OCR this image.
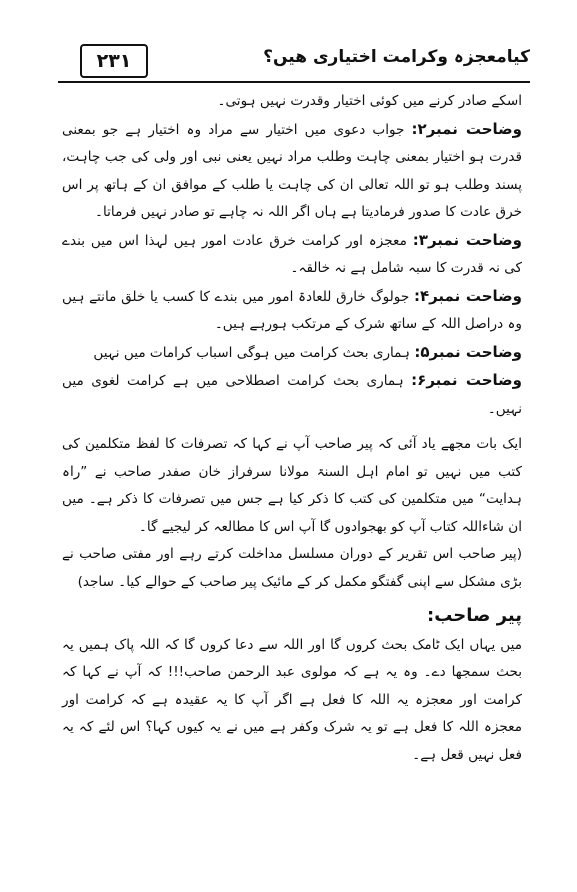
۲۳۱	کیامعجزہ وکرامت اختیاری ھیں؟

اسکے صادر کرنے میں کوئی اختیار وقدرت نہیں ہوتی۔

وضاحت نمبر۲: جواب دعوی میں اختیار سے مراد وہ اختیار ہے جو بمعنی قدرت ہو اختیار بمعنی چاہت وطلب مراد نہیں یعنی نبی اور ولی کی جب چاہت، پسند وطلب ہو تو اللہ تعالی ان کی چاہت یا طلب کے موافق ان کے ہاتھ پر اس خرق عادت کا صدور فرمادیتا ہے ہاں اگر اللہ نہ چاہے تو صادر نہیں فرماتا۔

وضاحت نمبر۳: معجزہ اور کرامت خرق عادت امور ہیں لہذا اس میں بندے کی نہ قدرت کا سبہ شامل ہے نہ خالقہ۔

وضاحت نمبر۴: جولوگ خارق للعادۃ امور میں بندے کا کسب یا خلق مانتے ہیں وہ دراصل اللہ کے ساتھ شرک کے مرتکب ہورہے ہیں۔

وضاحت نمبر۵: ہماری بحث کرامت میں ہوگی اسباب کرامات میں نہیں

وضاحت نمبر۶: ہماری بحث کرامت اصطلاحی میں ہے کرامت لغوی میں نہیں۔

ایک بات مجھے یاد آئی کہ پیر صاحب آپ نے کہا کہ تصرفات کا لفظ متکلمین کی کتب میں نہیں تو امام اہل السنۃ مولانا سرفراز خان صفدر صاحب نے ”راہ ہدایت“ میں متکلمین کی کتب کا ذکر کیا ہے جس میں تصرفات کا ذکر ہے۔ میں ان شاءاللہ کتاب آپ کو بھجوادوں گا آپ اس کا مطالعہ کر لیجیے گا۔

(پیر صاحب اس تقریر کے دوران مسلسل مداخلت کرتے رہے اور مفتی صاحب نے بڑی مشکل سے اپنی گفتگو مکمل کر کے مائیک پیر صاحب کے حوالے کیا۔ ساجد)

پیر صاحب:

میں یہاں ایک ٹامک بحث کروں گا اور اللہ سے دعا کروں گا کہ اللہ پاک ہمیں یہ بحث سمجھا دے۔ وہ یہ ہے کہ مولوی عبد الرحمن صاحب!!! کہ آپ نے کہا کہ کرامت اور معجزہ یہ اللہ کا فعل ہے اگر آپ کا یہ عقیدہ ہے کہ کرامت اور معجزہ اللہ کا فعل ہے تو یہ شرک وکفر ہے میں نے یہ کیوں کہا؟ اس لئے کہ یہ فعل نہیں قعل ہے۔
